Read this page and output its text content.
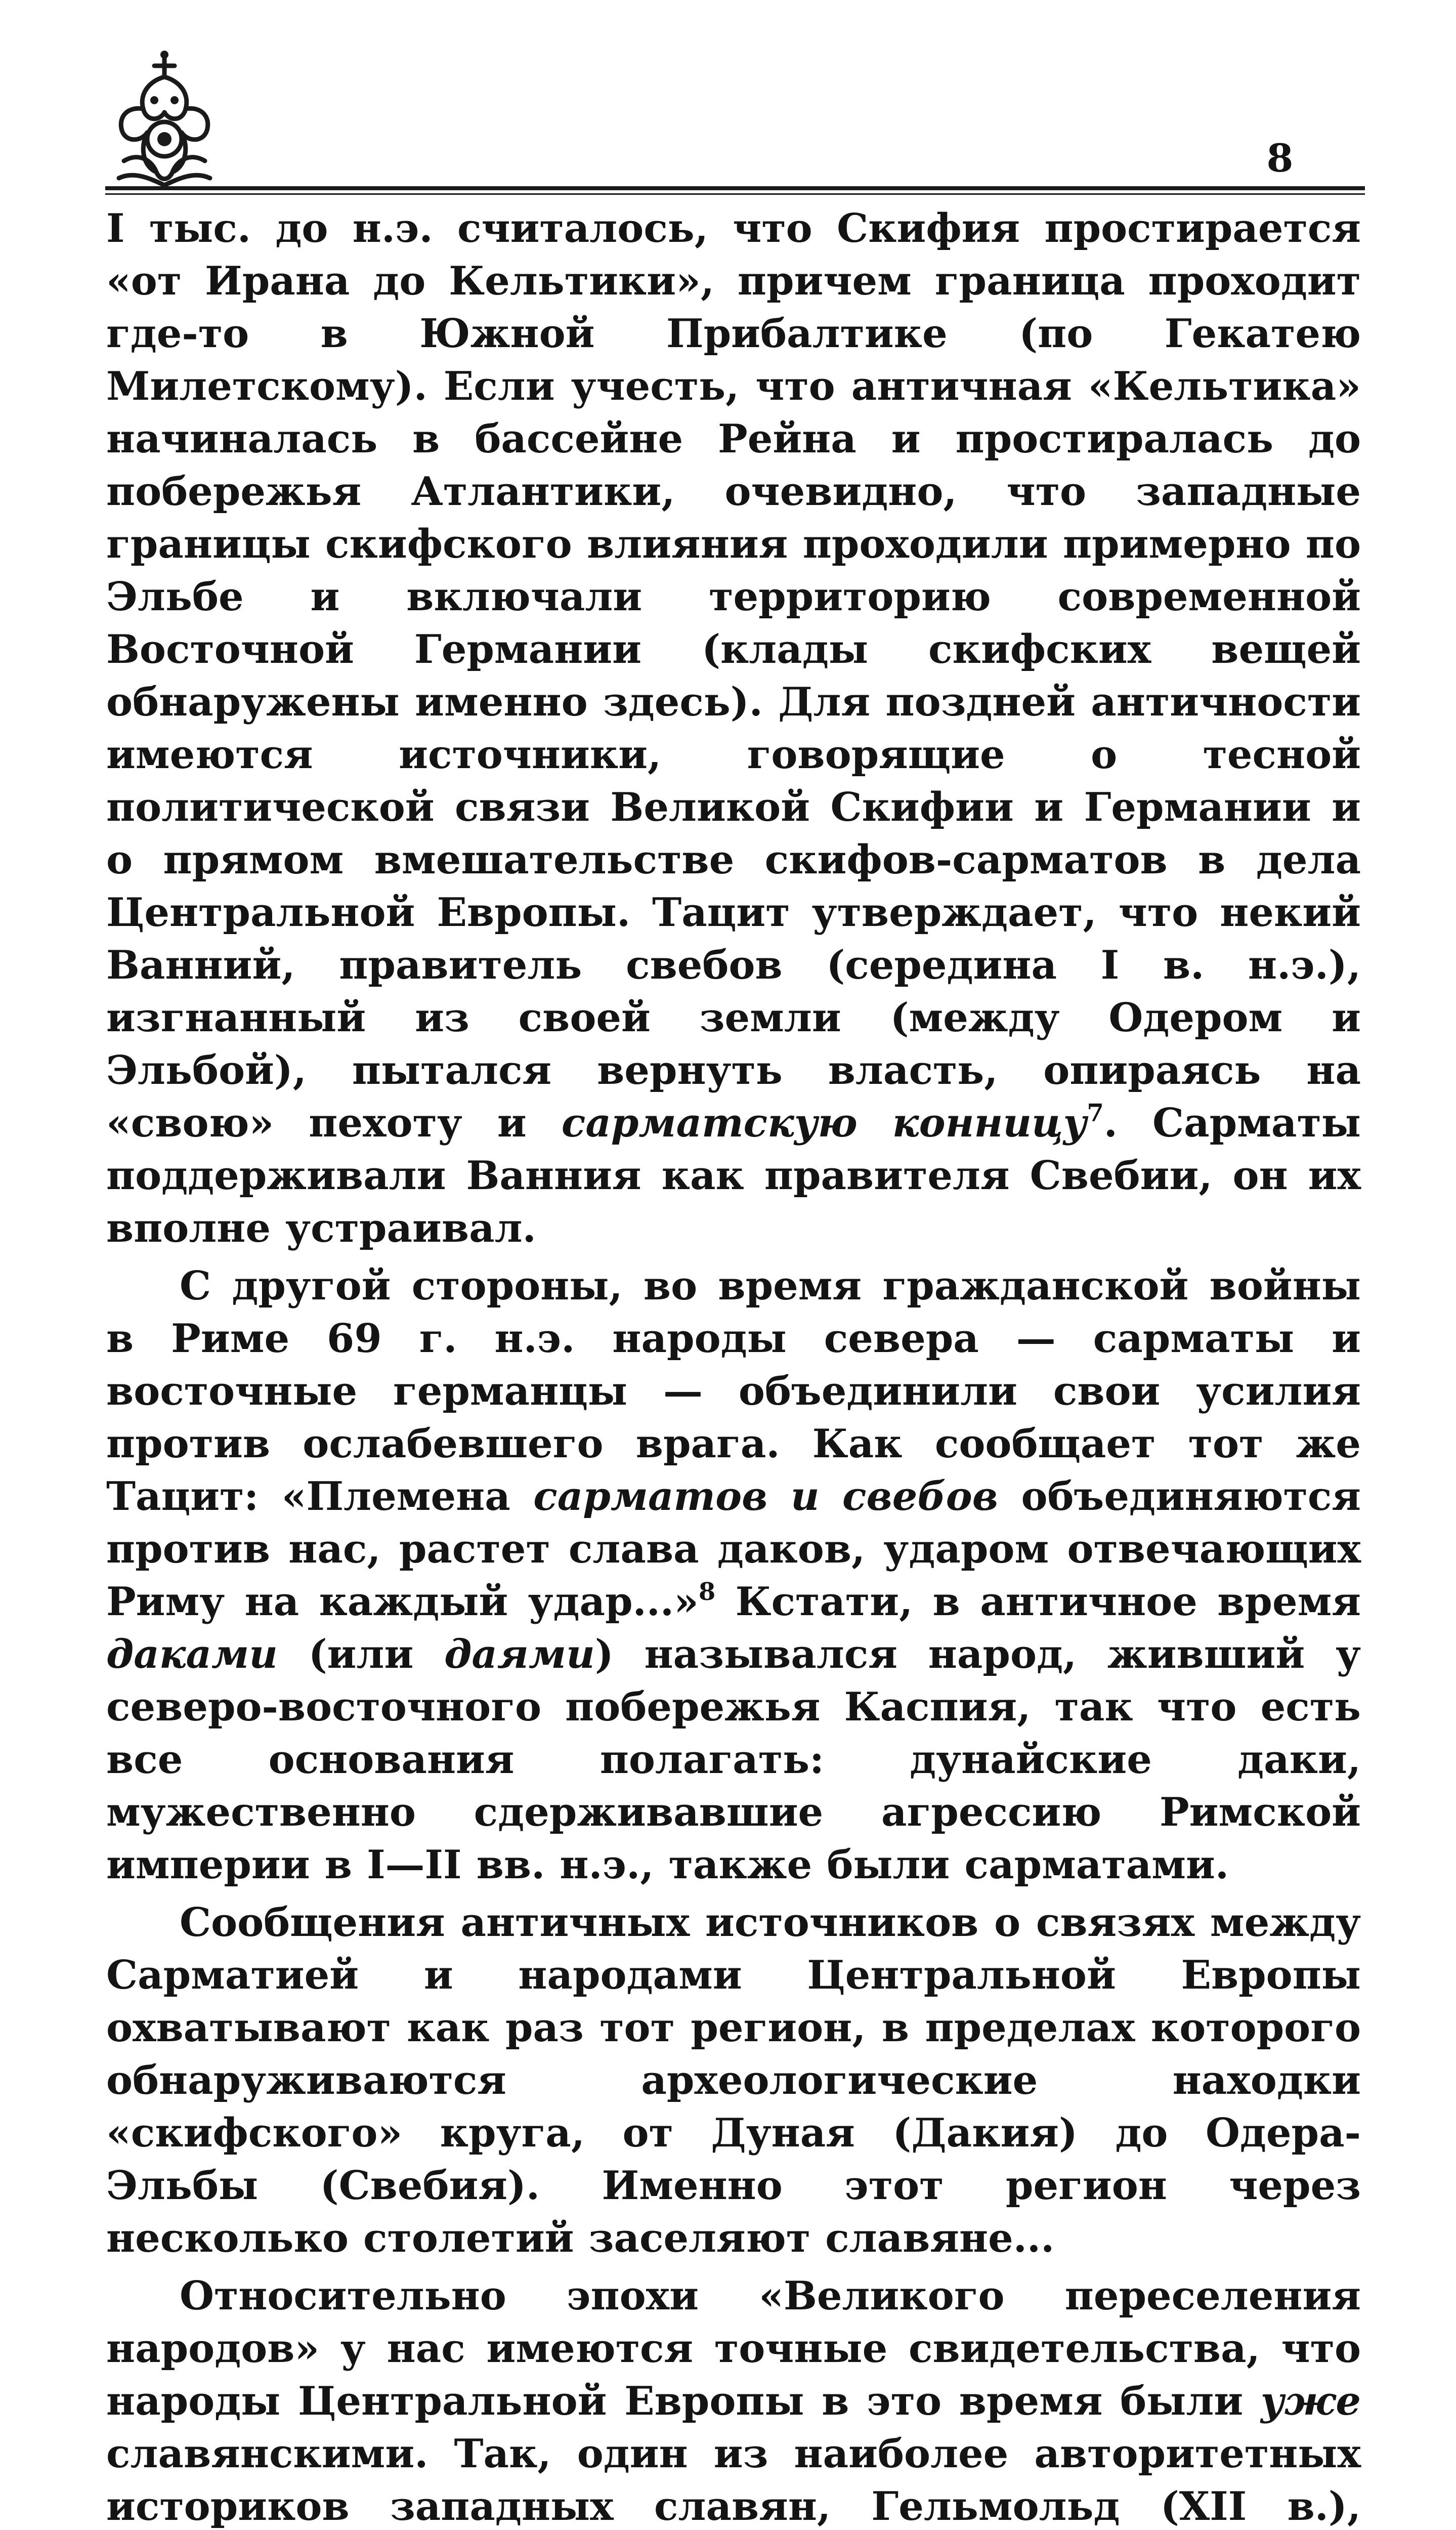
8

I тыс. до н.э. считалось, что Скифия простирается «от Ирана до Кельтики», причем граница проходит где-то в Южной Прибалтике (по Гекатею Милетскому). Если учесть, что античная «Кельтика» начиналась в бассейне Рейна и простиралась до побережья Атлантики, очевидно, что западные границы скифского влияния проходили примерно по Эльбе и включали территорию современной Восточной Германии (клады скифских вещей обнаружены именно здесь). Для поздней античности имеются источники, говорящие о тесной политической связи Великой Скифии и Германии и о прямом вмешательстве скифов-сарматов в дела Центральной Европы. Тацит утверждает, что некий Ванний, правитель свебов (середина I в. н.э.), изгнанный из своей земли (между Одером и Эльбой), пытался вернуть власть, опираясь на «свою» пехоту и сарматскую конницу$^7$. Сарматы поддерживали Ванния как правителя Свебии, он их вполне устраивал.

С другой стороны, во время гражданской войны в Риме 69 г. н.э. народы севера — сарматы и восточные германцы — объединили свои усилия против ослабевшего врага. Как сообщает тот же Тацит: «Племена сарматов и свебов объединяются против нас, растет слава даков, ударом отвечающих Риму на каждый удар...»$^8$ Кстати, в античное время даками (или даями) назывался народ, живший у северо-восточного побережья Каспия, так что есть все основания полагать: дунайские даки, мужественно сдерживавшие агрессию Римской империи в I—II вв. н.э., также были сарматами.

Сообщения античных источников о связях между Сарматией и народами Центральной Европы охватывают как раз тот регион, в пределах которого обнаруживаются археологические находки «скифского» круга, от Дуная (Дакия) до Одера-Эльбы (Свебия). Именно этот регион через несколько столетий заселяют славяне...

Относительно эпохи «Великого переселения народов» у нас имеются точные свидетельства, что народы Центральной Европы в это время были уже славянскими. Так, один из наиболее авторитетных историков западных славян, Гельмольд (XII в.),
